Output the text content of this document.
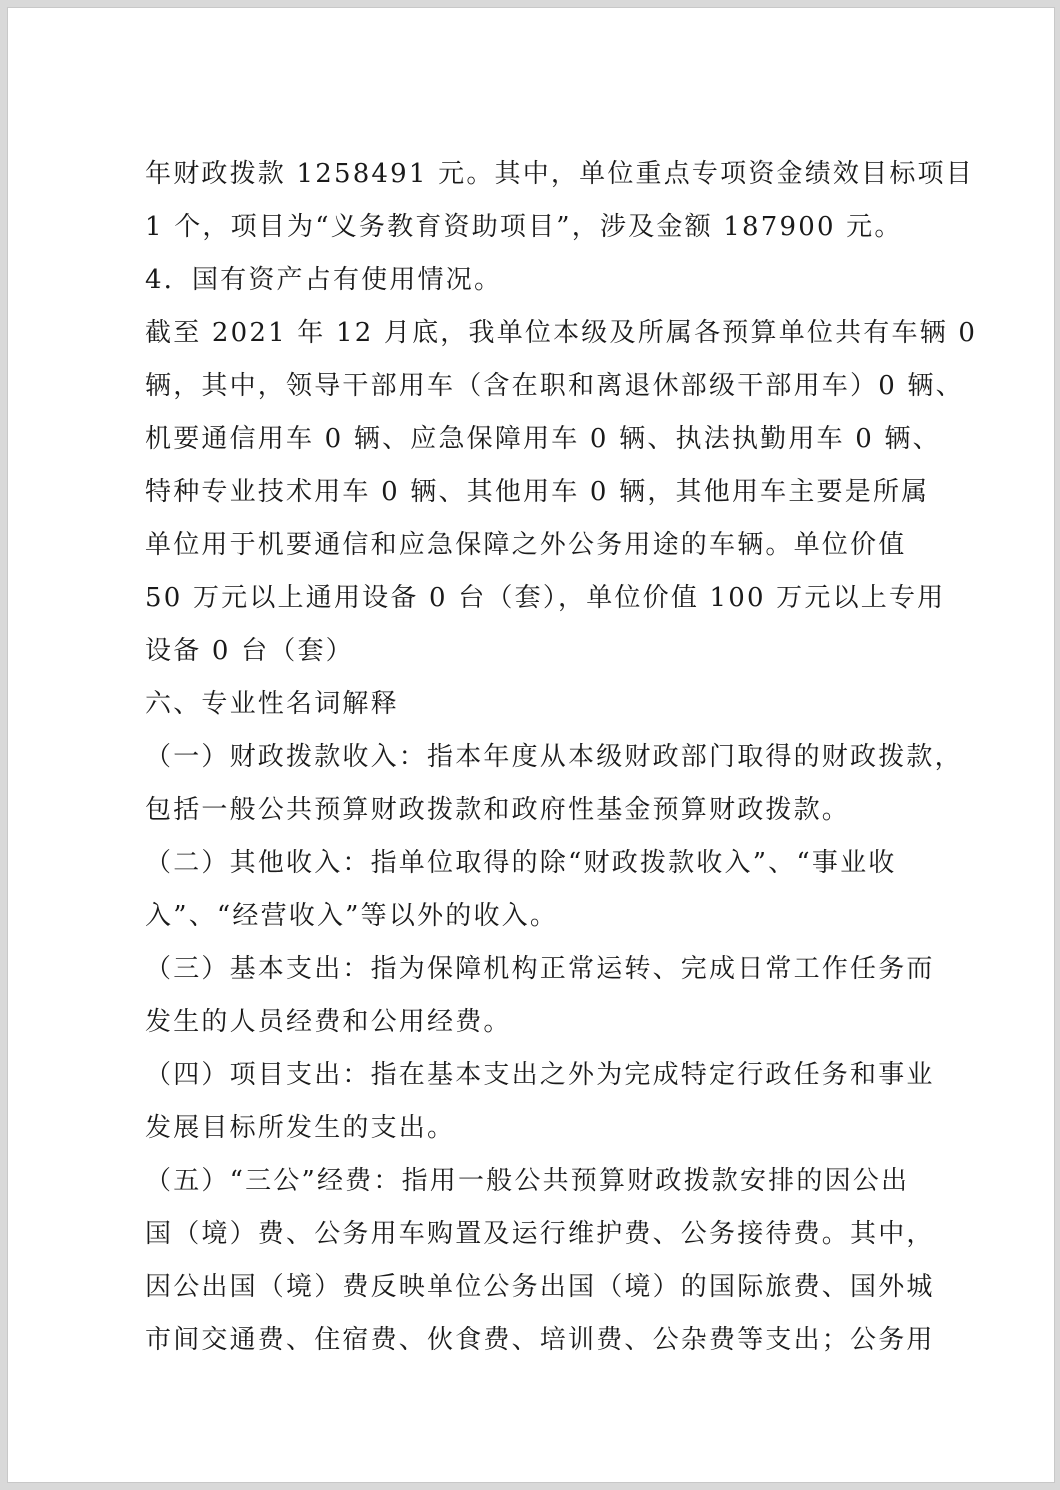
年财政拨款 1258491 元。其中，单位重点专项资金绩效目标项目
1 个，项目为“义务教育资助项目”，涉及金额 187900 元。
4．国有资产占有使用情况。
截至 2021 年 12 月底，我单位本级及所属各预算单位共有车辆 0
辆，其中，领导干部用车（含在职和离退休部级干部用车）0 辆、
机要通信用车 0 辆、应急保障用车 0 辆、执法执勤用车 0 辆、
特种专业技术用车 0 辆、其他用车 0 辆，其他用车主要是所属
单位用于机要通信和应急保障之外公务用途的车辆。单位价值
50 万元以上通用设备 0 台（套），单位价值 100 万元以上专用
设备 0 台（套）
六、专业性名词解释
（一）财政拨款收入：指本年度从本级财政部门取得的财政拨款，
包括一般公共预算财政拨款和政府性基金预算财政拨款。
（二）其他收入：指单位取得的除“财政拨款收入”、“事业收
入”、“经营收入”等以外的收入。
（三）基本支出：指为保障机构正常运转、完成日常工作任务而
发生的人员经费和公用经费。
（四）项目支出：指在基本支出之外为完成特定行政任务和事业
发展目标所发生的支出。
（五）“三公”经费：指用一般公共预算财政拨款安排的因公出
国（境）费、公务用车购置及运行维护费、公务接待费。其中，
因公出国（境）费反映单位公务出国（境）的国际旅费、国外城
市间交通费、住宿费、伙食费、培训费、公杂费等支出；公务用
